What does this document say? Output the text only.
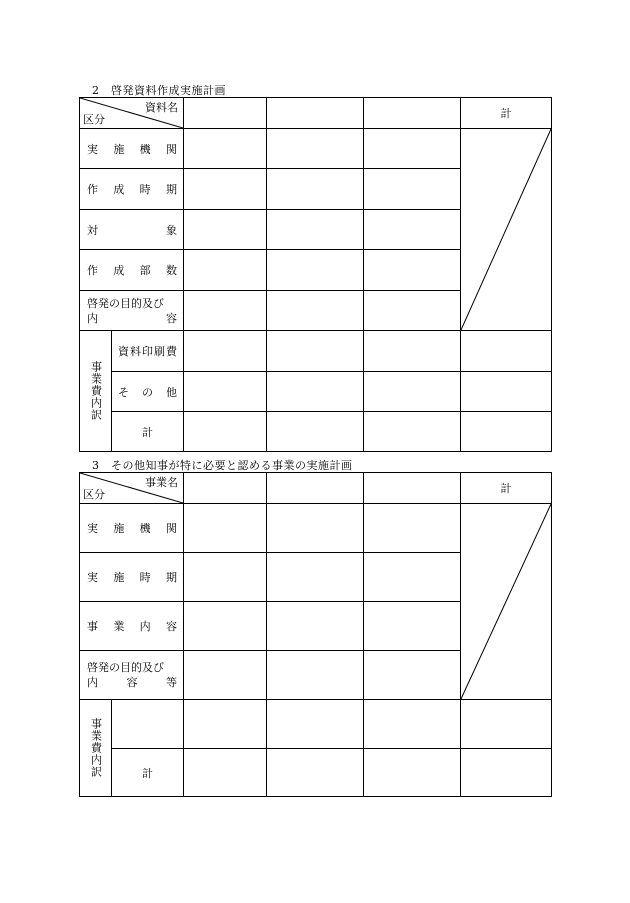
2　啓発資料作成実施計画
資料名
区分					計

実 施 機 関

作 成 時 期					

対 象					

作 成 部 数					

啓発の目的及び
内 容					

事業費内訳	資 料 印 刷 費				

	そ の 他				

	計				
3　その他知事が特に必要と認める事業の実施計画
事業名
区分					計

実 施 機 関

実 施 時 期					

事 業 内 容					

啓発の目的及び
内 容 等					

事業費内訳					

	計				
